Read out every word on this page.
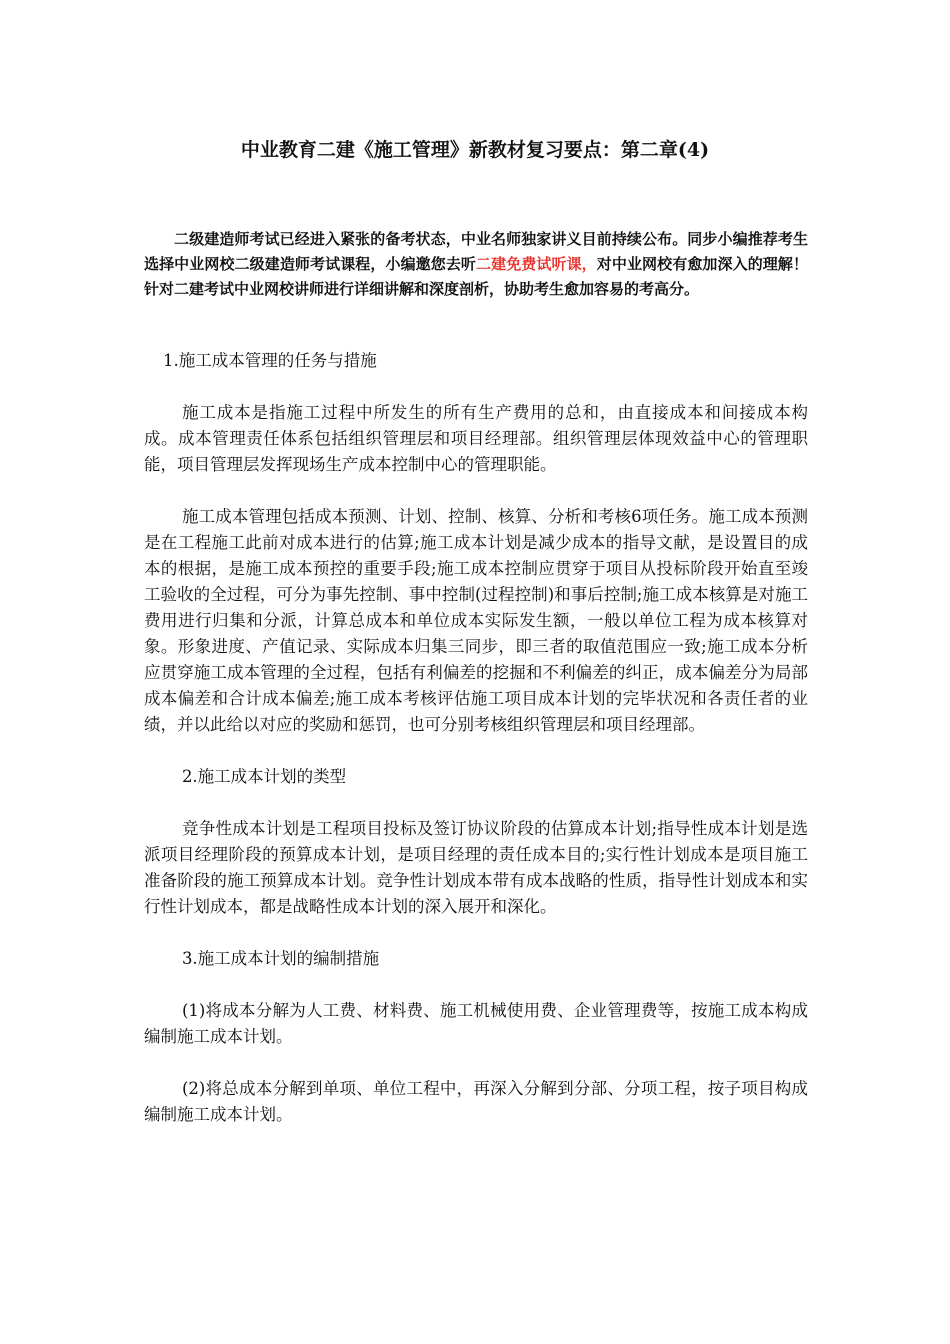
中业教育二建《施工管理》新教材复习要点：第二章(4)
二级建造师考试已经进入紧张的备考状态，中业名师独家讲义目前持续公布。同步小编推荐考生选择中业网校二级建造师考试课程，小编邀您去听二建免费试听课，对中业网校有愈加深入的理解！针对二建考试中业网校讲师进行详细讲解和深度剖析，协助考生愈加容易的考高分。

1.施工成本管理的任务与措施

施工成本是指施工过程中所发生的所有生产费用的总和，由直接成本和间接成本构成。成本管理责任体系包括组织管理层和项目经理部。组织管理层体现效益中心的管理职能，项目管理层发挥现场生产成本控制中心的管理职能。

施工成本管理包括成本预测、计划、控制、核算、分析和考核6项任务。施工成本预测是在工程施工此前对成本进行的估算;施工成本计划是减少成本的指导文献，是设置目的成本的根据，是施工成本预控的重要手段;施工成本控制应贯穿于项目从投标阶段开始直至竣工验收的全过程，可分为事先控制、事中控制(过程控制)和事后控制;施工成本核算是对施工费用进行归集和分派，计算总成本和单位成本实际发生额，一般以单位工程为成本核算对象。形象进度、产值记录、实际成本归集三同步，即三者的取值范围应一致;施工成本分析应贯穿施工成本管理的全过程，包括有利偏差的挖掘和不利偏差的纠正，成本偏差分为局部成本偏差和合计成本偏差;施工成本考核评估施工项目成本计划的完毕状况和各责任者的业绩，并以此给以对应的奖励和惩罚，也可分别考核组织管理层和项目经理部。

2.施工成本计划的类型

竞争性成本计划是工程项目投标及签订协议阶段的估算成本计划;指导性成本计划是选派项目经理阶段的预算成本计划，是项目经理的责任成本目的;实行性计划成本是项目施工准备阶段的施工预算成本计划。竞争性计划成本带有成本战略的性质，指导性计划成本和实行性计划成本，都是战略性成本计划的深入展开和深化。

3.施工成本计划的编制措施

(1)将成本分解为人工费、材料费、施工机械使用费、企业管理费等，按施工成本构成编制施工成本计划。

(2)将总成本分解到单项、单位工程中，再深入分解到分部、分项工程，按子项目构成编制施工成本计划。
